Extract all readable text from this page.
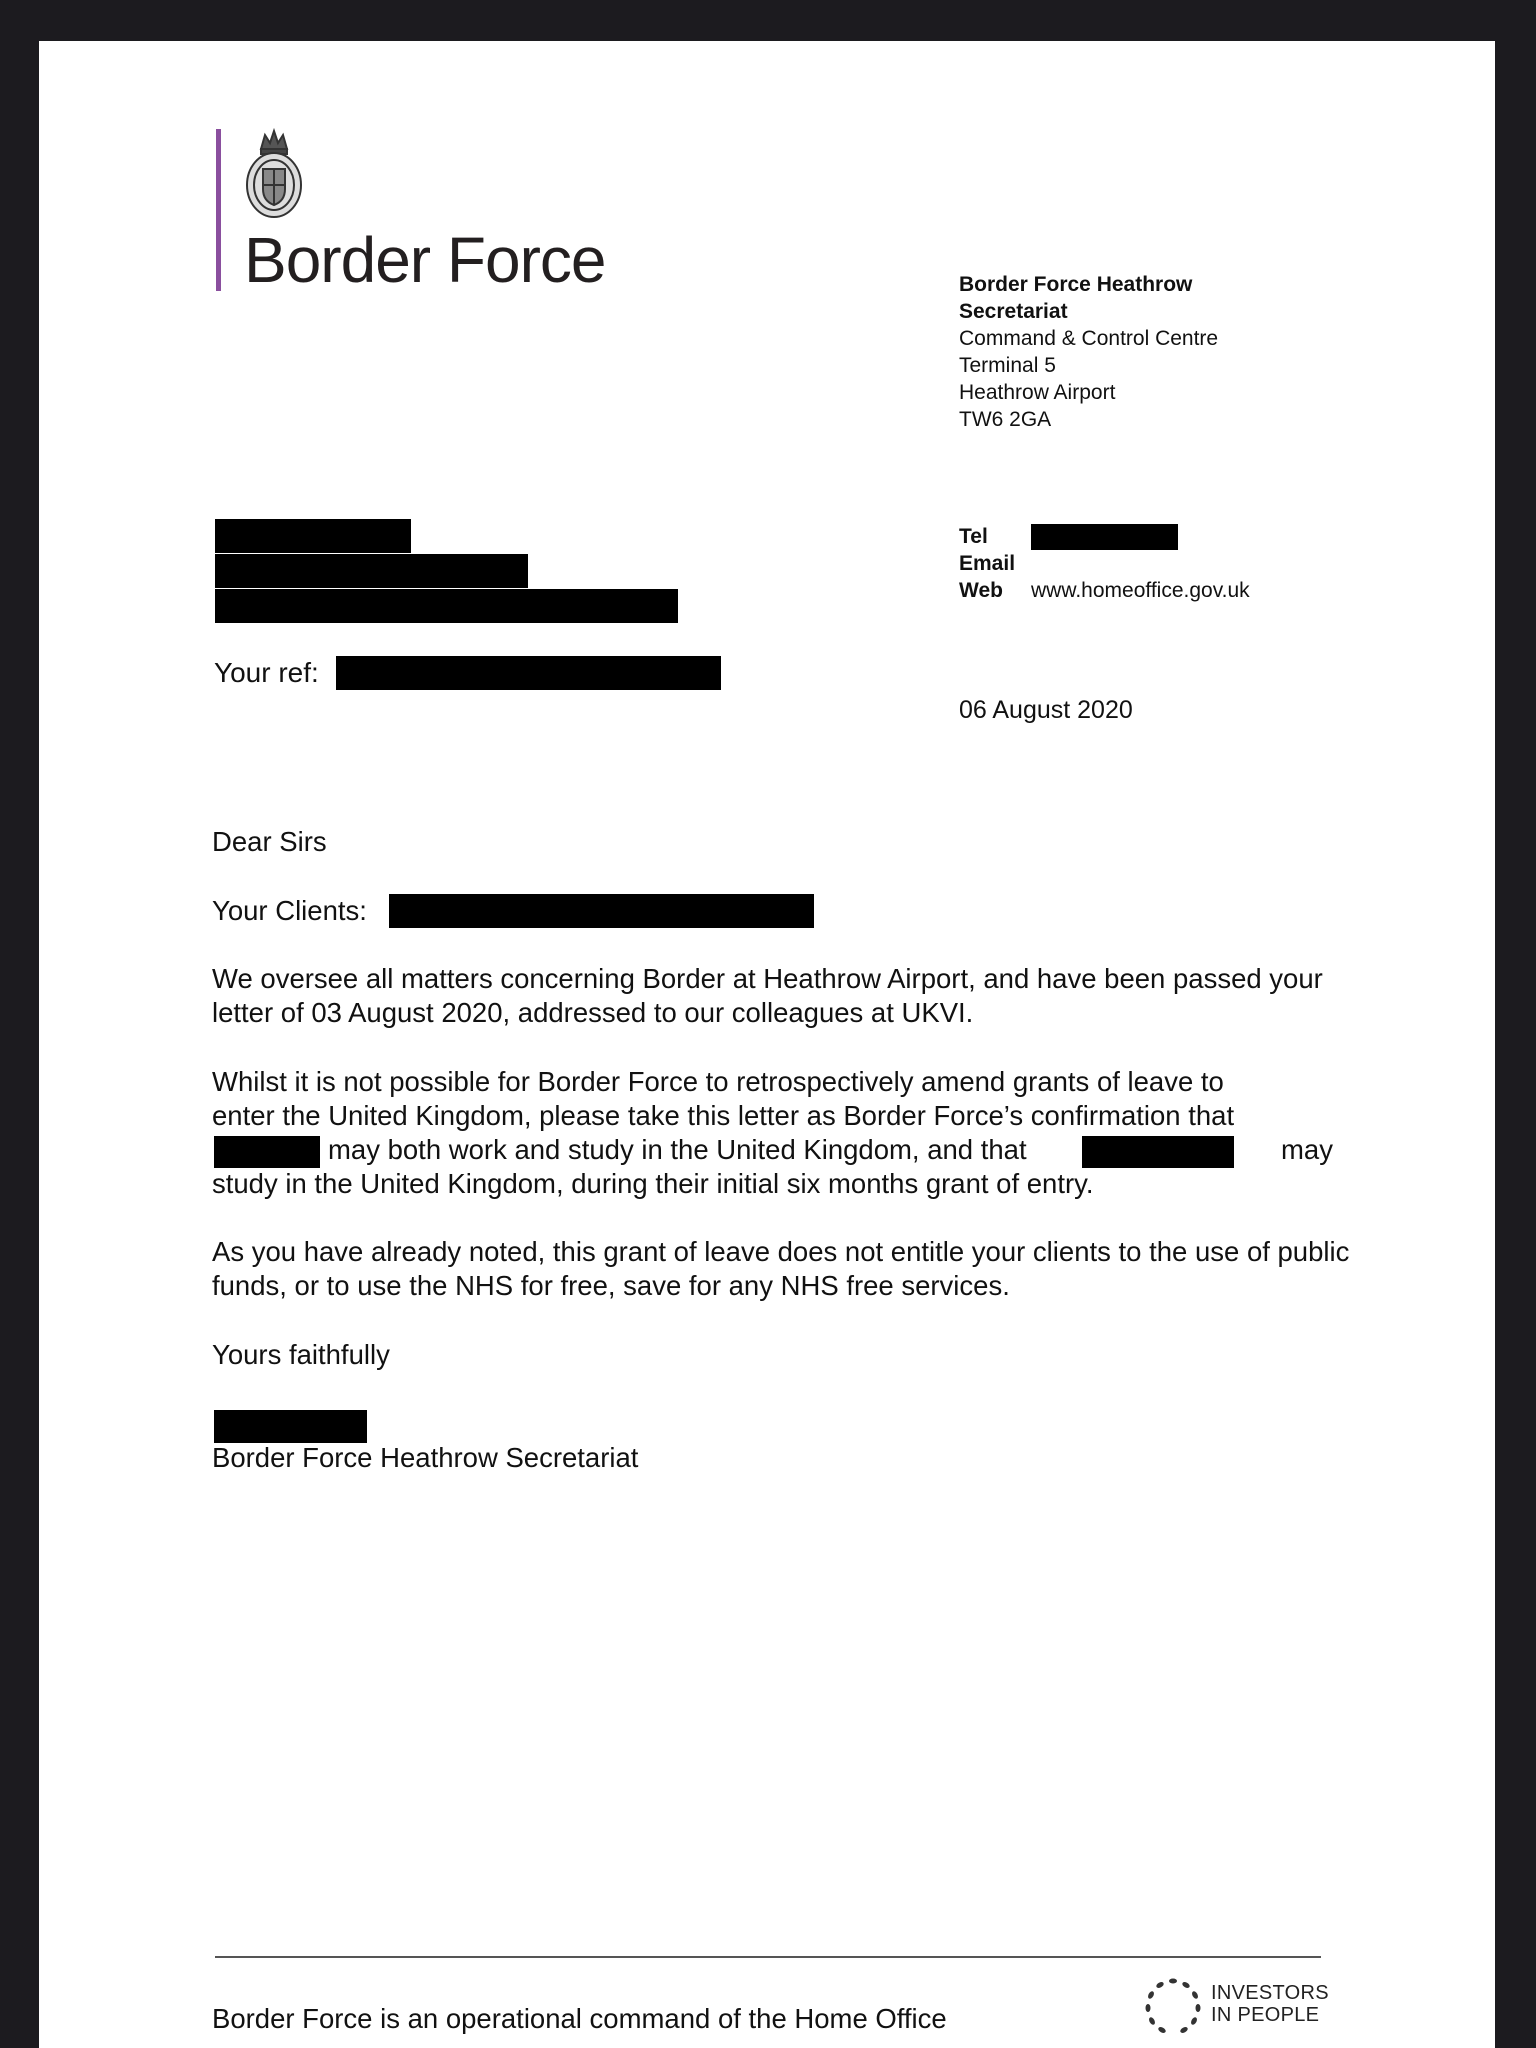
Border Force	Border Force Heathrow
Secretariat
Command & Control Centre
Terminal 5
Heathrow Airport
TW6 2GA
Tel
Email
Web www.homeoffice.gov.uk
Your ref:
06 August 2020
Dear Sirs
Your Clients:
We oversee all matters concerning Border at Heathrow Airport, and have been passed your letter of 03 August 2020, addressed to our colleagues at UKVI.
Whilst it is not possible for Border Force to retrospectively amend grants of leave to
enter the United Kingdom, please take this letter as Border Force’s confirmation that
may both work and study in the United Kingdom, and that	may
study in the United Kingdom, during their initial six months grant of entry.
As you have already noted, this grant of leave does not entitle your clients to the use of public funds, or to use the NHS for free, save for any NHS free services.
Yours faithfully
Border Force Heathrow Secretariat
Border Force is an operational command of the Home Office
INVESTORS
IN PEOPLE
